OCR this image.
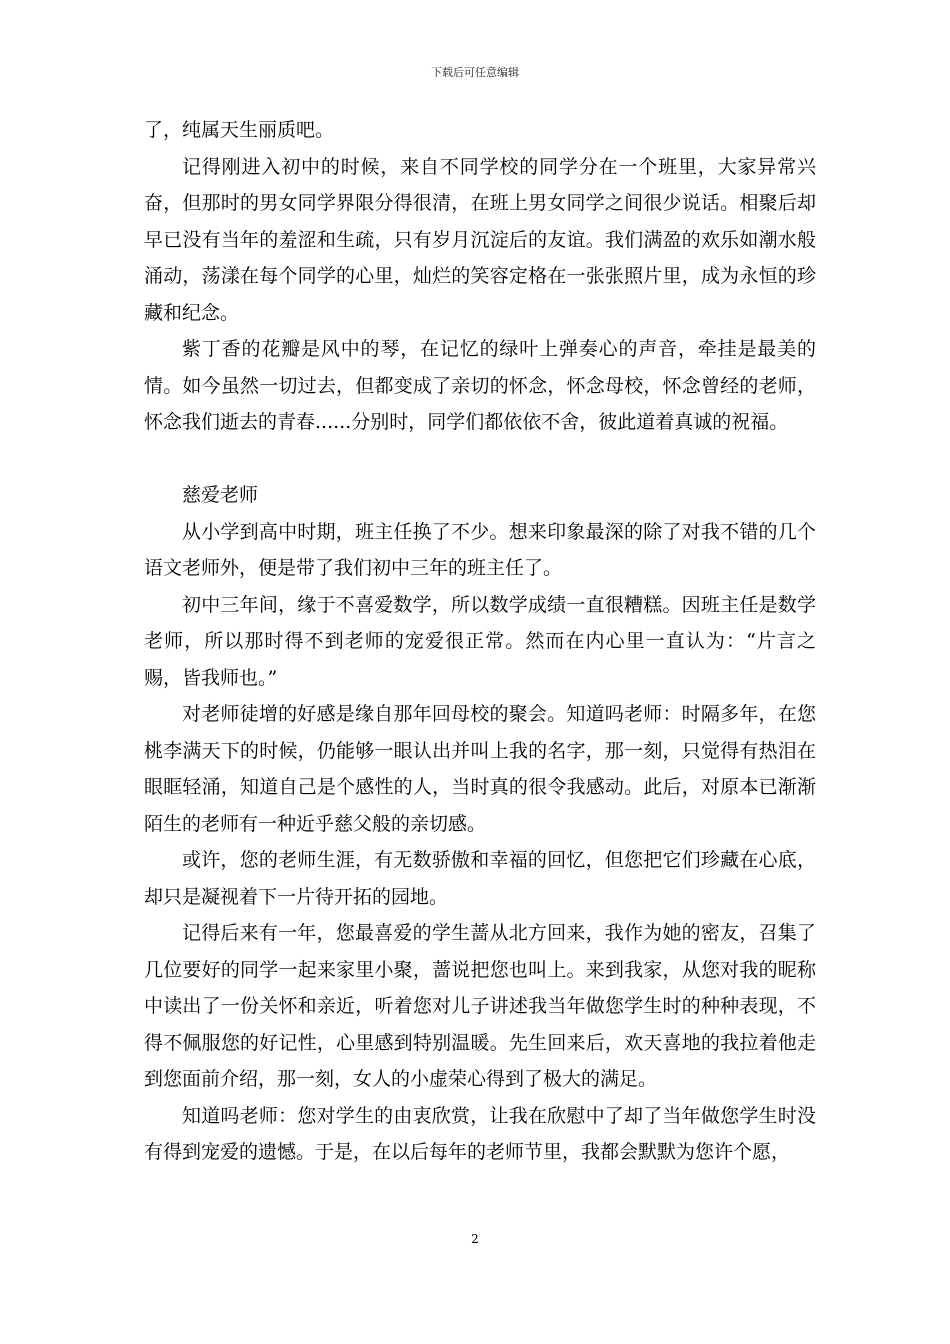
下载后可任意编辑

了，纯属天生丽质吧。

记得刚进入初中的时候，来自不同学校的同学分在一个班里，大家异常兴奋，但那时的男女同学界限分得很清，在班上男女同学之间很少说话。相聚后却早已没有当年的羞涩和生疏，只有岁月沉淀后的友谊。我们满盈的欢乐如潮水般涌动，荡漾在每个同学的心里，灿烂的笑容定格在一张张照片里，成为永恒的珍藏和纪念。

紫丁香的花瓣是风中的琴，在记忆的绿叶上弹奏心的声音，牵挂是最美的情。如今虽然一切过去，但都变成了亲切的怀念，怀念母校，怀念曾经的老师，怀念我们逝去的青春......分别时，同学们都依依不舍，彼此道着真诚的祝福。

慈爱老师

从小学到高中时期，班主任换了不少。想来印象最深的除了对我不错的几个语文老师外，便是带了我们初中三年的班主任了。

初中三年间，缘于不喜爱数学，所以数学成绩一直很糟糕。因班主任是数学老师，所以那时得不到老师的宠爱很正常。然而在内心里一直认为：“片言之赐，皆我师也。”

对老师徒增的好感是缘自那年回母校的聚会。知道吗老师：时隔多年，在您桃李满天下的时候，仍能够一眼认出并叫上我的名字，那一刻，只觉得有热泪在眼眶轻涌，知道自己是个感性的人，当时真的很令我感动。此后，对原本已渐渐陌生的老师有一种近乎慈父般的亲切感。

或许，您的老师生涯，有无数骄傲和幸福的回忆，但您把它们珍藏在心底，却只是凝视着下一片待开拓的园地。

记得后来有一年，您最喜爱的学生蔷从北方回来，我作为她的密友，召集了几位要好的同学一起来家里小聚，蔷说把您也叫上。来到我家，从您对我的昵称中读出了一份关怀和亲近，听着您对儿子讲述我当年做您学生时的种种表现，不得不佩服您的好记性，心里感到特别温暖。先生回来后，欢天喜地的我拉着他走到您面前介绍，那一刻，女人的小虚荣心得到了极大的满足。

知道吗老师：您对学生的由衷欣赏，让我在欣慰中了却了当年做您学生时没有得到宠爱的遗憾。于是，在以后每年的老师节里，我都会默默为您许个愿，

2
